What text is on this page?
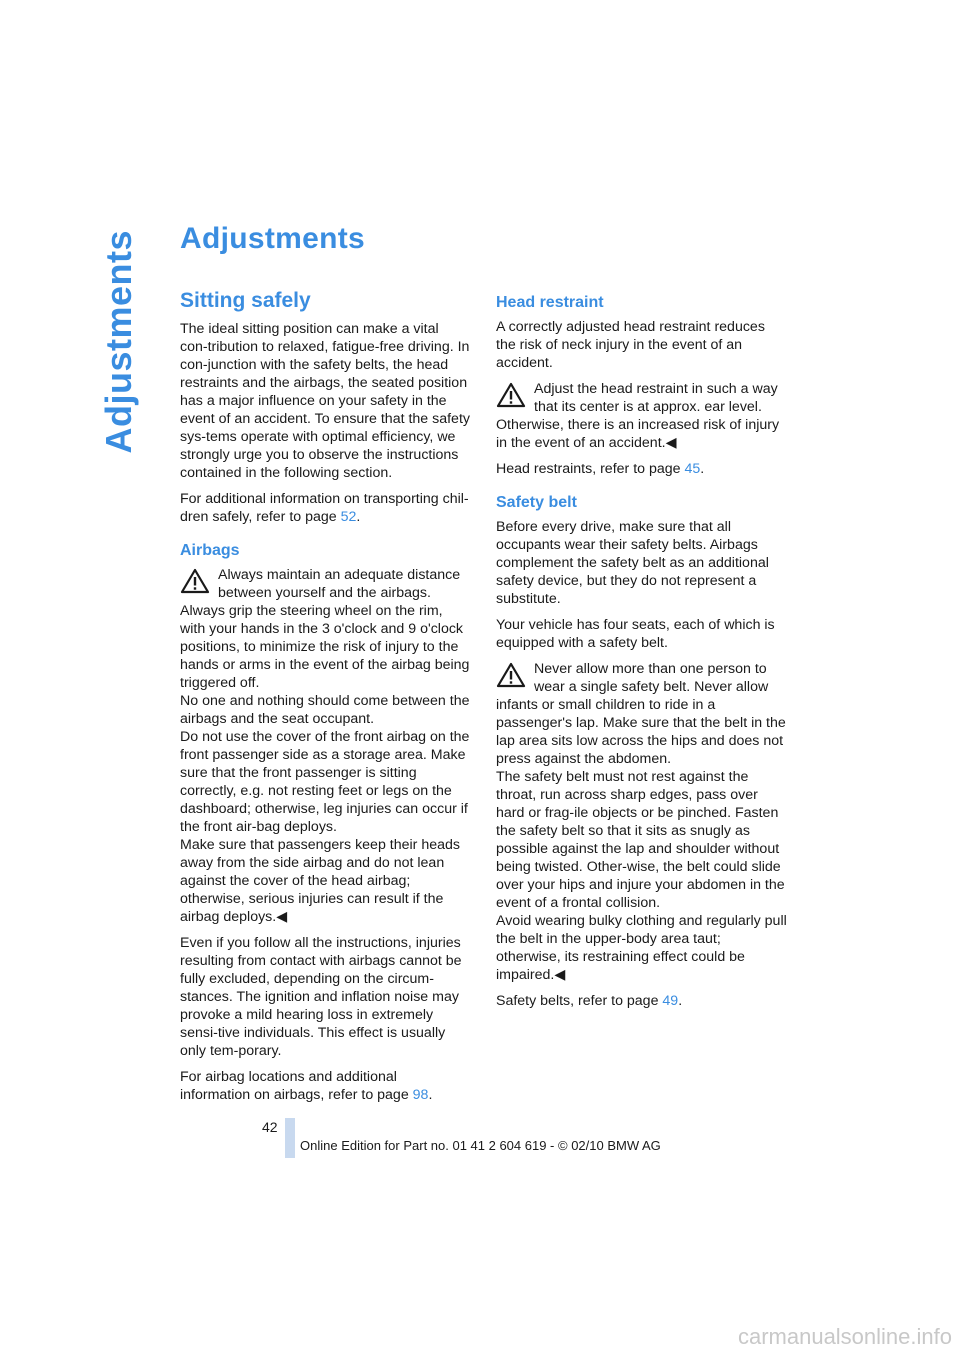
Adjustments Adjustments
Sitting safely

The ideal sitting position can make a vital con-tribution to relaxed, fatigue-free driving. In con-junction with the safety belts, the head restraints and the airbags, the seated position has a major influence on your safety in the event of an accident. To ensure that the safety sys-tems operate with optimal efficiency, we strongly urge you to observe the instructions contained in the following section.

For additional information on transporting chil-dren safely, refer to page 52.

Airbags

Always maintain an adequate distance between yourself and the airbags. Always grip the steering wheel on the rim, with your hands in the 3 o'clock and 9 o'clock positions, to minimize the risk of injury to the hands or arms in the event of the airbag being triggered off.

No one and nothing should come between the airbags and the seat occupant.

Do not use the cover of the front airbag on the front passenger side as a storage area. Make sure that the front passenger is sitting correctly, e.g. not resting feet or legs on the dashboard; otherwise, leg injuries can occur if the front air-bag deploys.

Make sure that passengers keep their heads away from the side airbag and do not lean against the cover of the head airbag; otherwise, serious injuries can result if the airbag deploys.◀

Even if you follow all the instructions, injuries resulting from contact with airbags cannot be fully excluded, depending on the circum-stances. The ignition and inflation noise may provoke a mild hearing loss in extremely sensi-tive individuals. This effect is usually only tem-porary.

For airbag locations and additional information on airbags, refer to page 98.

Head restraint

A correctly adjusted head restraint reduces the risk of neck injury in the event of an accident.

Adjust the head restraint in such a way that its center is at approx. ear level. Otherwise, there is an increased risk of injury in the event of an accident.◀

Head restraints, refer to page 45.

Safety belt

Before every drive, make sure that all occupants wear their safety belts. Airbags complement the safety belt as an additional safety device, but they do not represent a substitute.

Your vehicle has four seats, each of which is equipped with a safety belt.

Never allow more than one person to wear a single safety belt. Never allow infants or small children to ride in a passenger's lap. Make sure that the belt in the lap area sits low across the hips and does not press against the abdomen.

The safety belt must not rest against the throat, run across sharp edges, pass over hard or frag-ile objects or be pinched. Fasten the safety belt so that it sits as snugly as possible against the lap and shoulder without being twisted. Other-wise, the belt could slide over your hips and injure your abdomen in the event of a frontal collision.

Avoid wearing bulky clothing and regularly pull the belt in the upper-body area taut; otherwise, its restraining effect could be impaired.◀

Safety belts, refer to page 49.

42
Online Edition for Part no. 01 41 2 604 619 - © 02/10 BMW AG
carmanualsonline.info
